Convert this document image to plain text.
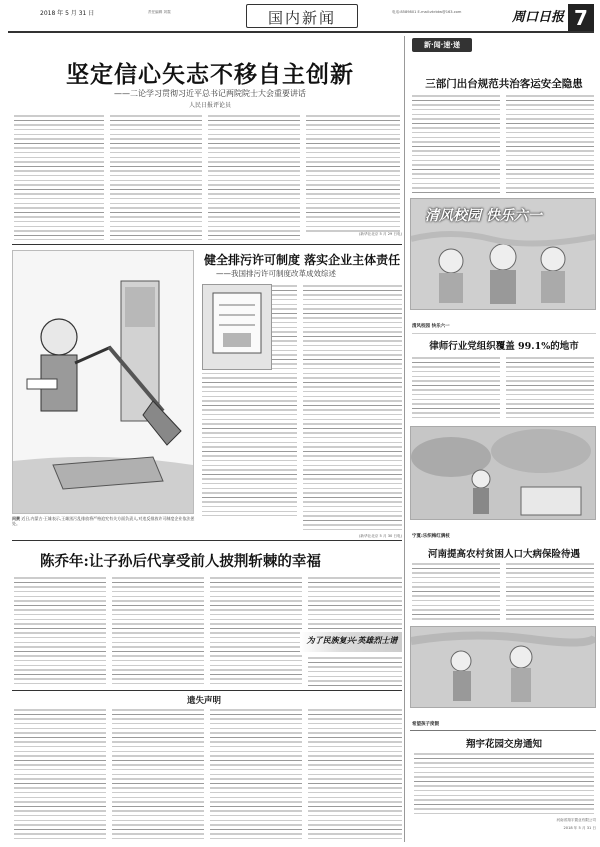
2018 年 5 月 31 日	责任编辑 刘震	国内新闻	电话:8589801 E-mail:zkrbtw@163.com	周口日报 7
坚定信心矢志不移自主创新
——二论学习贯彻习近平总书记两院院士大会重要讲话
人民日报评论员
(新华社北京 5 月 29 日电)
问责 近日,内蒙古·王雄表示,王雄黑污乱排放将严格追究有关方面负责人,对违反排放许可制度企业依法惩处。
健全排污许可制度 落实企业主体责任
——我国排污许可制度改革成效综述
(新华社北京 5 月 30 日电)
陈乔年:让子孙后代享受前人披荆斩棘的幸福
为了民族复兴·英雄烈士谱
遗失声明
新·闻·速·递
三部门出台规范共治客运安全隐患
清风校园 快乐六一
清风校园 快乐六一
律师行业党组织覆盖 99.1%的地市
宁夏:乐织梅红满枝
河南提高农村贫困人口大病保险待遇
希望孩子度假
翔宇花园交房通知
河南省翔宇置业有限公司
2018 年 5 月 31 日
